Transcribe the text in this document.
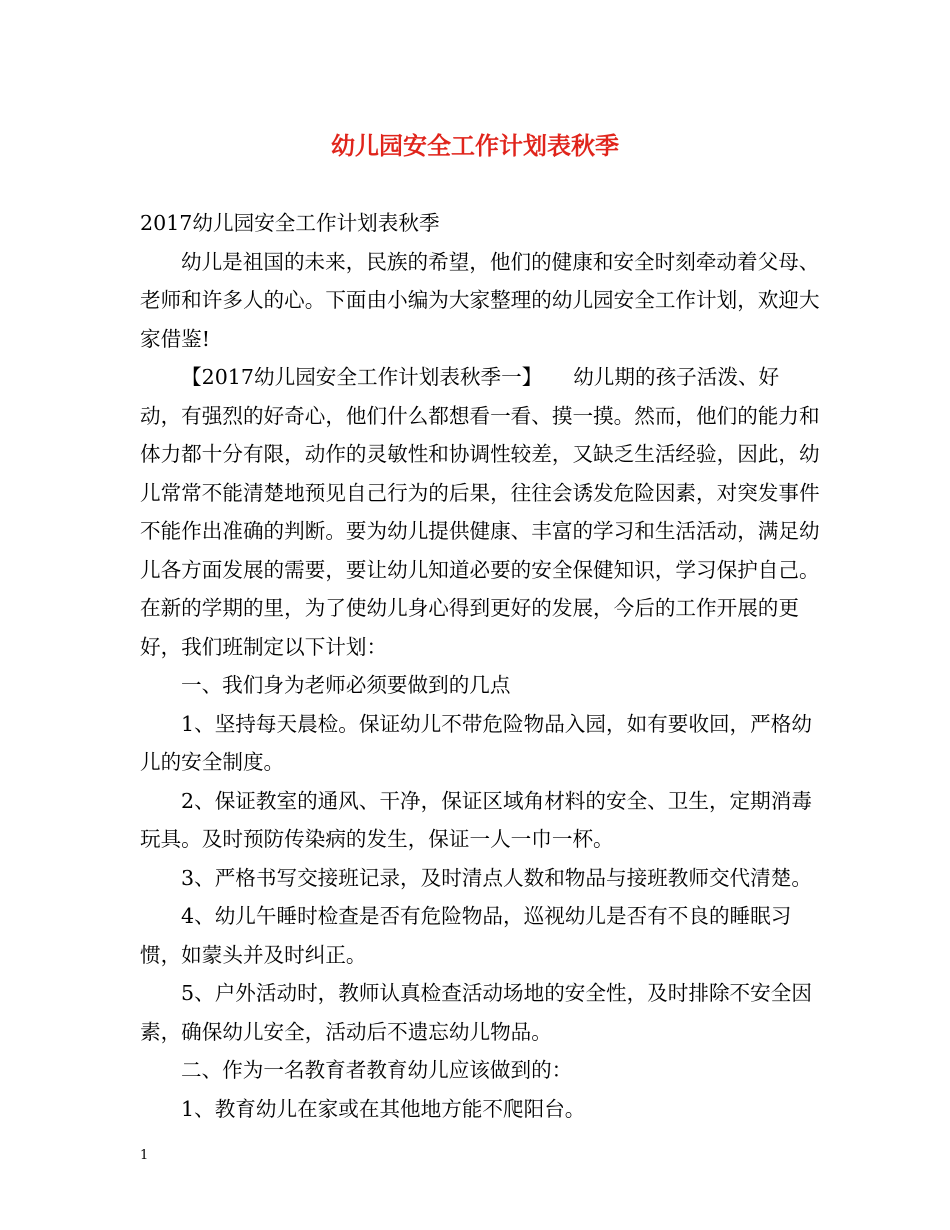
幼儿园安全工作计划表秋季

2017幼儿园安全工作计划表秋季

幼儿是祖国的未来，民族的希望，他们的健康和安全时刻牵动着父母、老师和许多人的心。下面由小编为大家整理的幼儿园安全工作计划，欢迎大家借鉴!

【2017幼儿园安全工作计划表秋季一】　　幼儿期的孩子活泼、好动，有强烈的好奇心，他们什么都想看一看、摸一摸。然而，他们的能力和体力都十分有限，动作的灵敏性和协调性较差，又缺乏生活经验，因此，幼儿常常不能清楚地预见自己行为的后果，往往会诱发危险因素，对突发事件不能作出准确的判断。要为幼儿提供健康、丰富的学习和生活活动，满足幼儿各方面发展的需要，要让幼儿知道必要的安全保健知识，学习保护自己。在新的学期的里，为了使幼儿身心得到更好的发展，今后的工作开展的更好，我们班制定以下计划：

一、我们身为老师必须要做到的几点

1、坚持每天晨检。保证幼儿不带危险物品入园，如有要收回，严格幼儿的安全制度。

2、保证教室的通风、干净，保证区域角材料的安全、卫生，定期消毒玩具。及时预防传染病的发生，保证一人一巾一杯。

3、严格书写交接班记录，及时清点人数和物品与接班教师交代清楚。

4、幼儿午睡时检查是否有危险物品，巡视幼儿是否有不良的睡眠习惯，如蒙头并及时纠正。

5、户外活动时，教师认真检查活动场地的安全性，及时排除不安全因素，确保幼儿安全，活动后不遗忘幼儿物品。

二、作为一名教育者教育幼儿应该做到的：

1、教育幼儿在家或在其他地方能不爬阳台。

1
